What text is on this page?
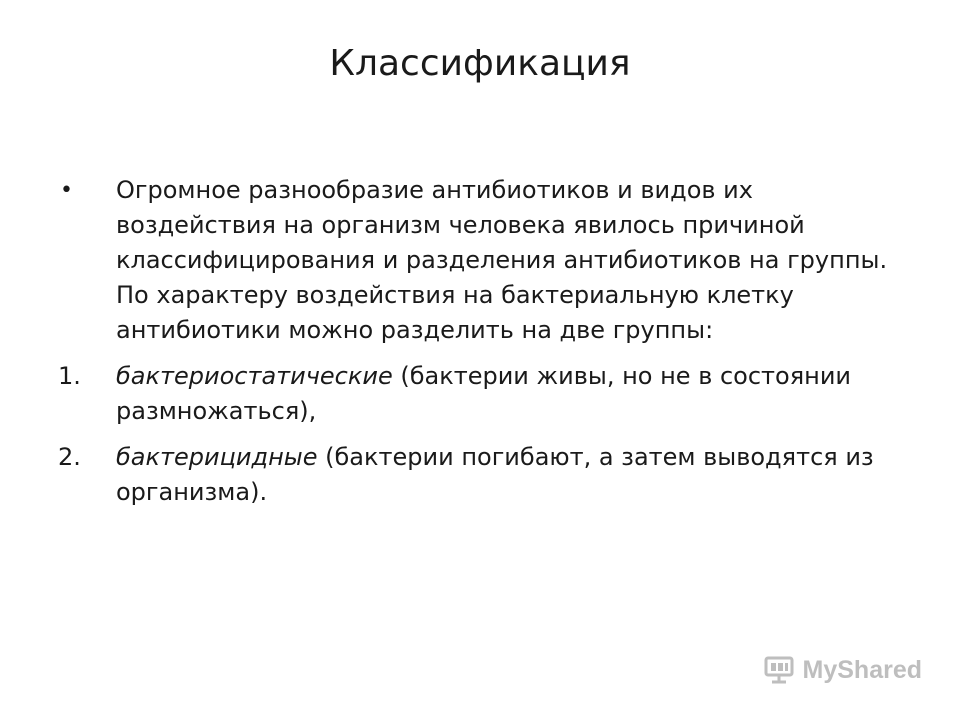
Классификация
• Огромное разнообразие антибиотиков и видов их воздействия на организм человека явилось причиной классифицирования и разделения антибиотиков на группы. По характеру воздействия на бактериальную клетку антибиотики можно разделить на две группы:
1. бактериостатические (бактерии живы, но не в состоянии размножаться),
2. бактерицидные (бактерии погибают, а затем выводятся из организма).
MyShared
